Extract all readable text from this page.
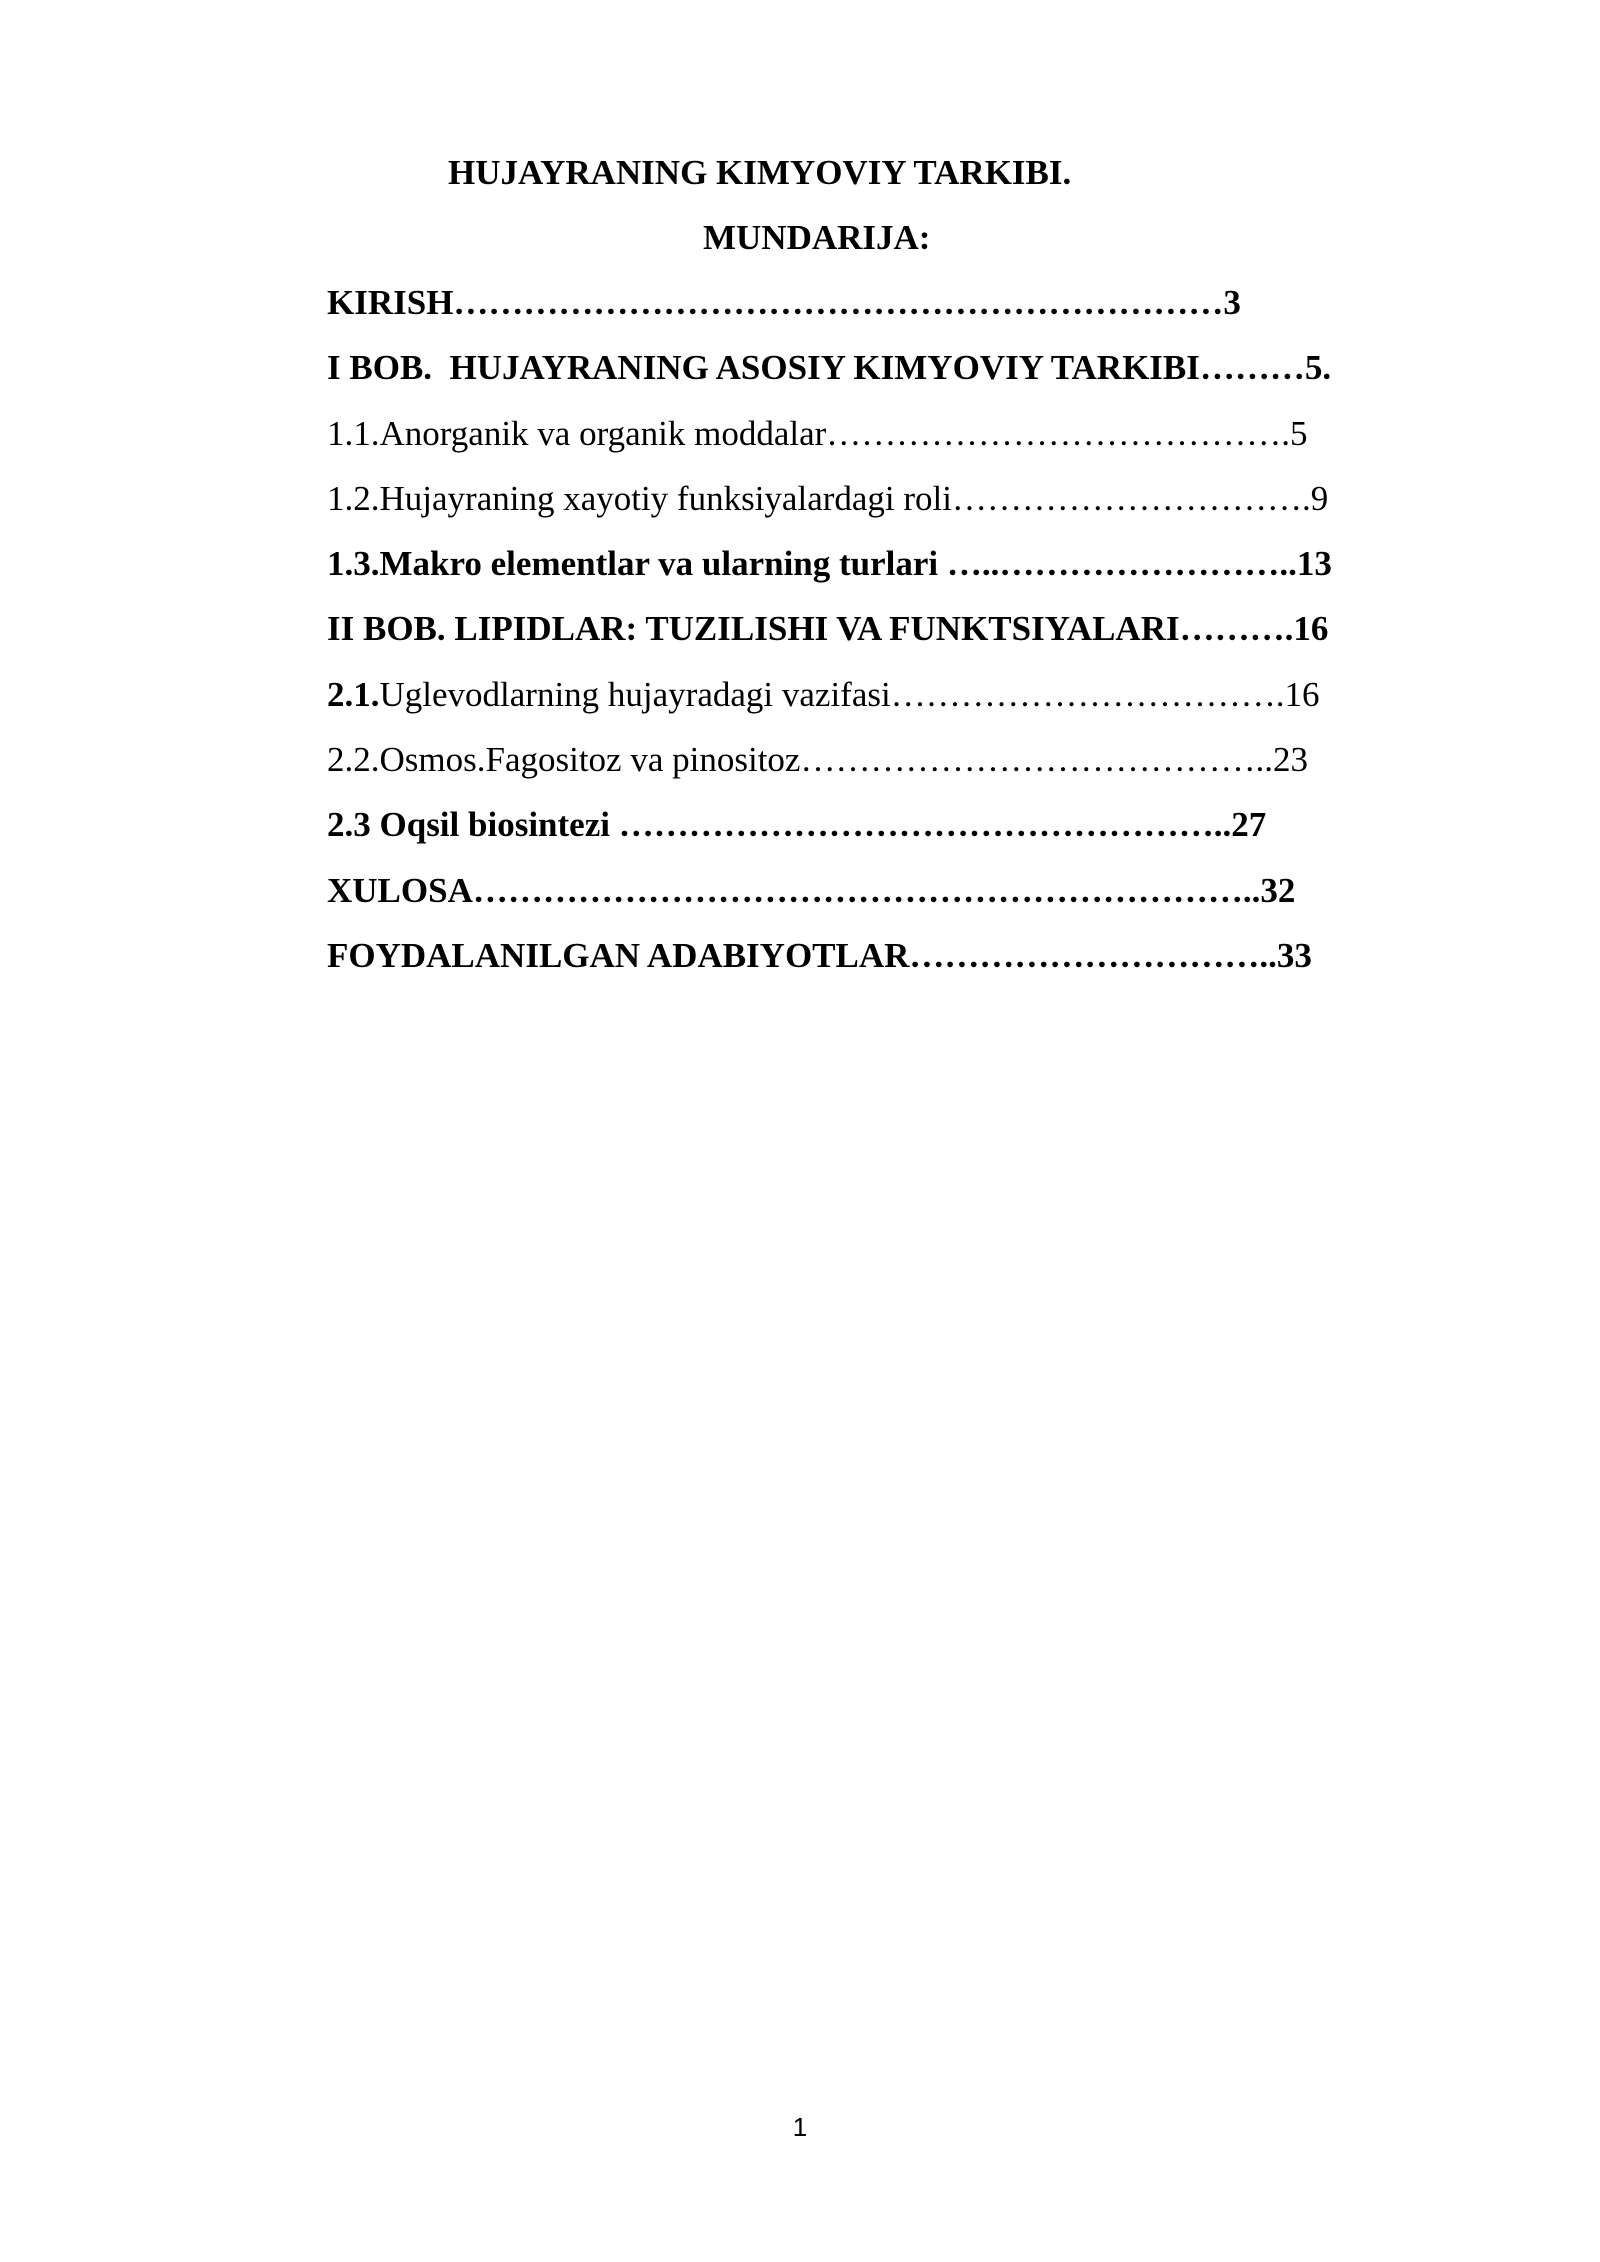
HUJAYRANING KIMYOVIY TARKIBI.
MUNDARIJA:
KIRISH…………………………………………………………3
I BOB.  HUJAYRANING ASOSIY KIMYOVIY TARKIBI………5.
1.1.Anorganik va organik moddalar………………………………….5
1.2.Hujayraning xayotiy funksiyalardagi roli………………………….9
1.3.Makro elementlar va ularning turlari …..……………………..13
II BOB. LIPIDLAR: TUZILISHI VA FUNKTSIYALARI……….16
2.1.Uglevodlarning hujayradagi vazifasi…………………………….16
2.2.Osmos.Fagositoz va pinositoz…………………………………..23
2.3 Oqsil biosintezi ……………………………………………..27
XULOSA…………………………………………………………..32
FOYDALANILGAN ADABIYOTLAR…………………………..33
1
